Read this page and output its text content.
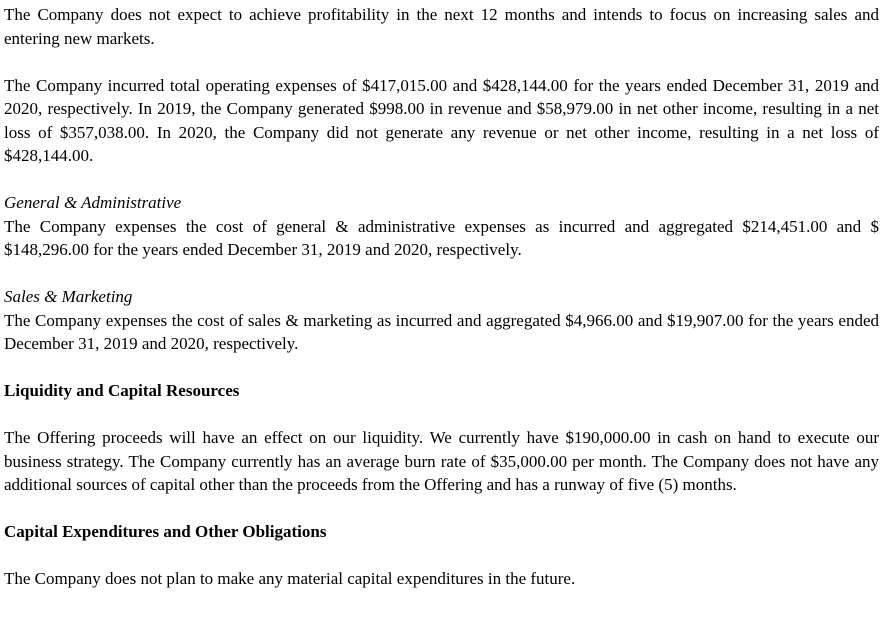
The Company does not expect to achieve profitability in the next 12 months and intends to focus on increasing sales and entering new markets.

The Company incurred total operating expenses of $417,015.00 and $428,144.00 for the years ended December 31, 2019 and 2020, respectively. In 2019, the Company generated $998.00 in revenue and $58,979.00 in net other income, resulting in a net loss of $357,038.00. In 2020, the Company did not generate any revenue or net other income, resulting in a net loss of $428,144.00.

General & Administrative

The Company expenses the cost of general & administrative expenses as incurred and aggregated $214,451.00 and $ $148,296.00 for the years ended December 31, 2019 and 2020, respectively.

Sales & Marketing

The Company expenses the cost of sales & marketing as incurred and aggregated $4,966.00 and $19,907.00 for the years ended December 31, 2019 and 2020, respectively.

Liquidity and Capital Resources

The Offering proceeds will have an effect on our liquidity. We currently have $190,000.00 in cash on hand to execute our business strategy. The Company currently has an average burn rate of $35,000.00 per month. The Company does not have any additional sources of capital other than the proceeds from the Offering and has a runway of five (5) months.

Capital Expenditures and Other Obligations

The Company does not plan to make any material capital expenditures in the future.
